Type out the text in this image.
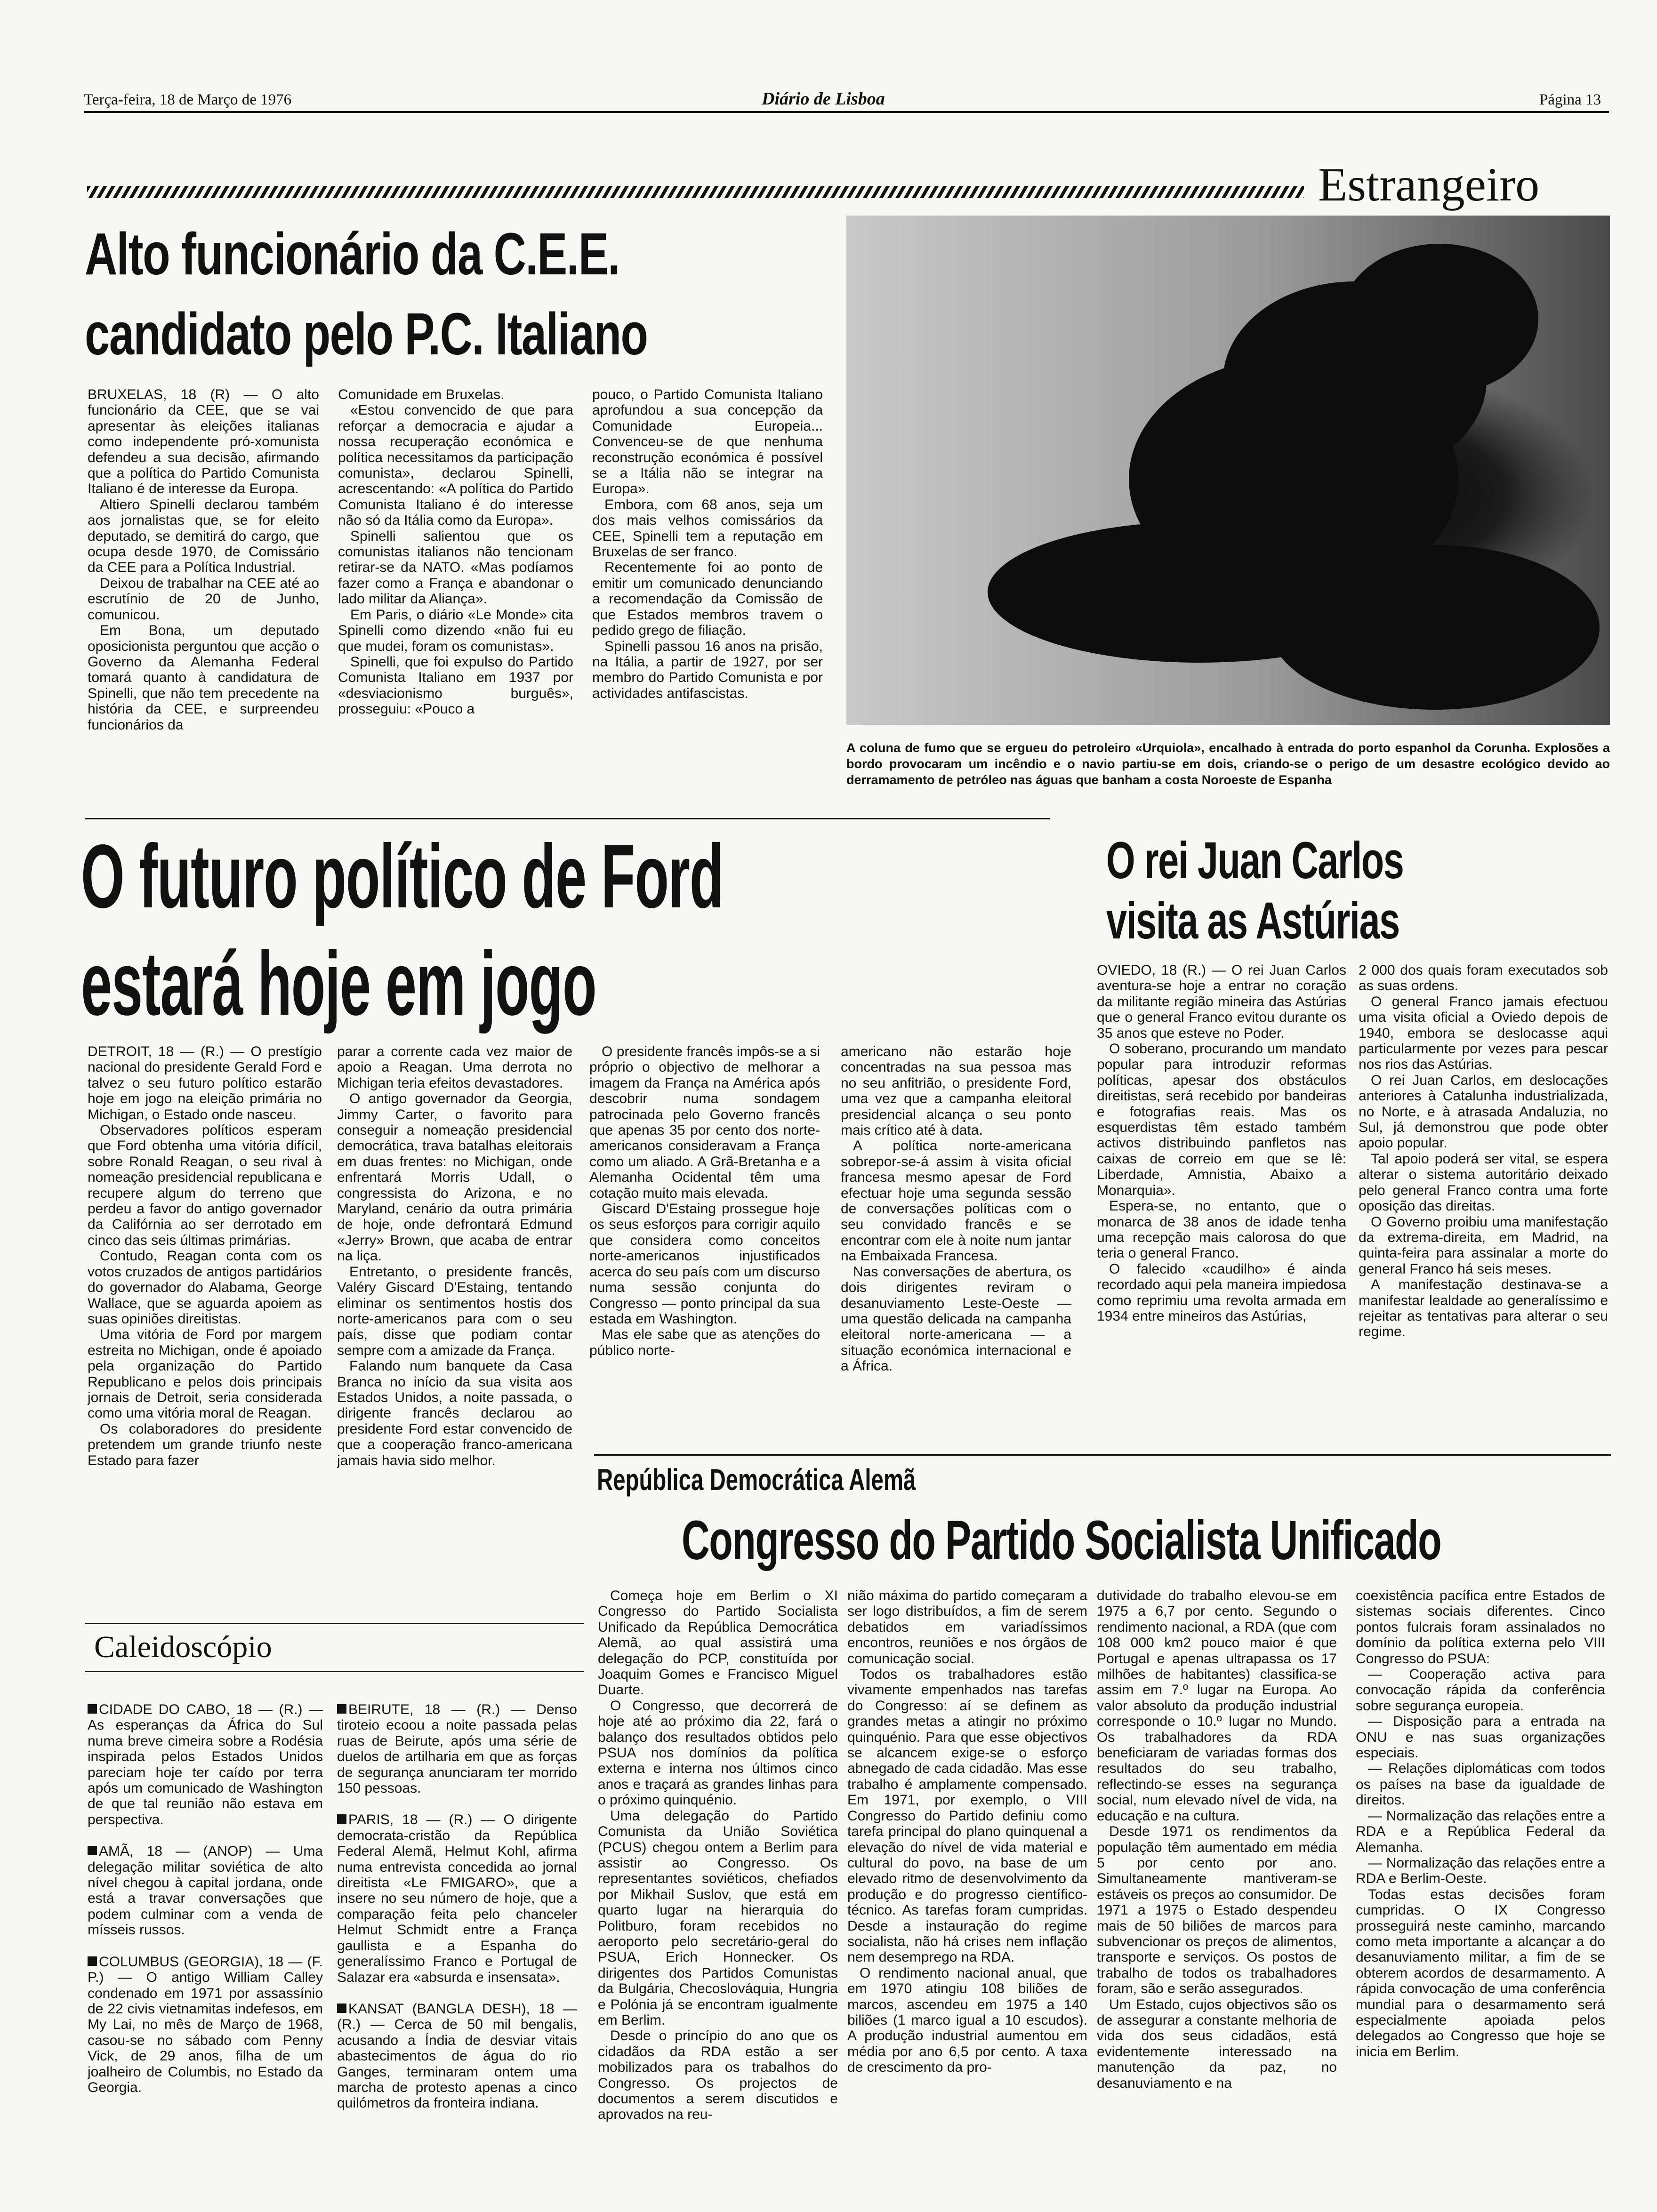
Terça-feira, 18 de Março de 1976	Diário de Lisboa	Página 13
Estrangeiro
Alto funcionário da C.E.E.
candidato pelo P.C. Italiano

BRUXELAS, 18 (R) — O alto funcionário da CEE, que se vai apresentar às eleições italianas como independente pró-xomunista defendeu a sua decisão, afirmando que a política do Partido Comunista Italiano é de interesse da Europa.

Altiero Spinelli declarou também aos jornalistas que, se for eleito deputado, se demitirá do cargo, que ocupa desde 1970, de Comissário da CEE para a Política Industrial.

Deixou de trabalhar na CEE até ao escrutínio de 20 de Junho, comunicou.

Em Bona, um deputado oposicionista perguntou que acção o Governo da Alemanha Federal tomará quanto à candidatura de Spinelli, que não tem precedente na história da CEE, e surpreendeu funcionários da

Comunidade em Bruxelas.

«Estou convencido de que para reforçar a democracia e ajudar a nossa recuperação económica e política necessitamos da participação comunista», declarou Spinelli, acrescentando: «A política do Partido Comunista Italiano é do interesse não só da Itália como da Europa».

Spinelli salientou que os comunistas italianos não tencionam retirar-se da NATO. «Mas podíamos fazer como a França e abandonar o lado militar da Aliança».

Em Paris, o diário «Le Monde» cita Spinelli como dizendo «não fui eu que mudei, foram os comunistas».

Spinelli, que foi expulso do Partido Comunista Italiano em 1937 por «desviacionismo burguês», prosseguiu: «Pouco a

pouco, o Partido Comunista Italiano aprofundou a sua concepção da Comunidade Europeia... Convenceu-se de que nenhuma reconstrução económica é possível se a Itália não se integrar na Europa».

Embora, com 68 anos, seja um dos mais velhos comissários da CEE, Spinelli tem a reputação em Bruxelas de ser franco.

Recentemente foi ao ponto de emitir um comunicado denunciando a recomendação da Comissão de que Estados membros travem o pedido grego de filiação.

Spinelli passou 16 anos na prisão, na Itália, a partir de 1927, por ser membro do Partido Comunista e por actividades antifascistas.

A coluna de fumo que se ergueu do petroleiro «Urquiola», encalhado à entrada do porto espanhol da Corunha. Explosões a bordo provocaram um incêndio e o navio partiu-se em dois, criando-se o perigo de um desastre ecológico devido ao derramamento de petróleo nas águas que banham a costa Noroeste de Espanha
O futuro político de Ford
estará hoje em jogo

DETROIT, 18 — (R.) — O prestígio nacional do presidente Gerald Ford e talvez o seu futuro político estarão hoje em jogo na eleição primária no Michigan, o Estado onde nasceu.

Observadores políticos esperam que Ford obtenha uma vitória difícil, sobre Ronald Reagan, o seu rival à nomeação presidencial republicana e recupere algum do terreno que perdeu a favor do antigo governador da Califórnia ao ser derrotado em cinco das seis últimas primárias.

Contudo, Reagan conta com os votos cruzados de antigos partidários do governador do Alabama, George Wallace, que se aguarda apoiem as suas opiniões direitistas.

Uma vitória de Ford por margem estreita no Michigan, onde é apoiado pela organização do Partido Republicano e pelos dois principais jornais de Detroit, seria considerada como uma vitória moral de Reagan.

Os colaboradores do presidente pretendem um grande triunfo neste Estado para fazer

parar a corrente cada vez maior de apoio a Reagan. Uma derrota no Michigan teria efeitos devastadores.

O antigo governador da Georgia, Jimmy Carter, o favorito para conseguir a nomeação presidencial democrática, trava batalhas eleitorais em duas frentes: no Michigan, onde enfrentará Morris Udall, o congressista do Arizona, e no Maryland, cenário da outra primária de hoje, onde defrontará Edmund «Jerry» Brown, que acaba de entrar na liça.

Entretanto, o presidente francês, Valéry Giscard D'Estaing, tentando eliminar os sentimentos hostis dos norte-americanos para com o seu país, disse que podiam contar sempre com a amizade da França.

Falando num banquete da Casa Branca no início da sua visita aos Estados Unidos, a noite passada, o dirigente francês declarou ao presidente Ford estar convencido de que a cooperação franco-americana jamais havia sido melhor.

O presidente francês impôs-se a si próprio o objectivo de melhorar a imagem da França na América após descobrir numa sondagem patrocinada pelo Governo francês que apenas 35 por cento dos norte-americanos consideravam a França como um aliado. A Grã-Bretanha e a Alemanha Ocidental têm uma cotação muito mais elevada.

Giscard D'Estaing prossegue hoje os seus esforços para corrigir aquilo que considera como conceitos norte-americanos injustificados acerca do seu país com um discurso numa sessão conjunta do Congresso — ponto principal da sua estada em Washington.

Mas ele sabe que as atenções do público norte-

americano não estarão hoje concentradas na sua pessoa mas no seu anfitrião, o presidente Ford, uma vez que a campanha eleitoral presidencial alcança o seu ponto mais crítico até à data.

A política norte-americana sobrepor-se-á assim à visita oficial francesa mesmo apesar de Ford efectuar hoje uma segunda sessão de conversações políticas com o seu convidado francês e se encontrar com ele à noite num jantar na Embaixada Francesa.

Nas conversações de abertura, os dois dirigentes reviram o desanuviamento Leste-Oeste — uma questão delicada na campanha eleitoral norte-americana — a situação económica internacional e a África.

O rei Juan Carlos
visita as Astúrias

OVIEDO, 18 (R.) — O rei Juan Carlos aventura-se hoje a entrar no coração da militante região mineira das Astúrias que o general Franco evitou durante os 35 anos que esteve no Poder.

O soberano, procurando um mandato popular para introduzir reformas políticas, apesar dos obstáculos direitistas, será recebido por bandeiras e fotografias reais. Mas os esquerdistas têm estado também activos distribuindo panfletos nas caixas de correio em que se lê: Liberdade, Amnistia, Abaixo a Monarquia».

Espera-se, no entanto, que o monarca de 38 anos de idade tenha uma recepção mais calorosa do que teria o general Franco.

O falecido «caudilho» é ainda recordado aqui pela maneira impiedosa como reprimiu uma revolta armada em 1934 entre mineiros das Astúrias,

2 000 dos quais foram executados sob as suas ordens.

O general Franco jamais efectuou uma visita oficial a Oviedo depois de 1940, embora se deslocasse aqui particularmente por vezes para pescar nos rios das Astúrias.

O rei Juan Carlos, em deslocações anteriores à Catalunha industrializada, no Norte, e à atrasada Andaluzia, no Sul, já demonstrou que pode obter apoio popular.

Tal apoio poderá ser vital, se espera alterar o sistema autoritário deixado pelo general Franco contra uma forte oposição das direitas.

O Governo proibiu uma manifestação da extrema-direita, em Madrid, na quinta-feira para assinalar a morte do general Franco há seis meses.

A manifestação destinava-se a manifestar lealdade ao generalíssimo e rejeitar as tentativas para alterar o seu regime.

República Democrática Alemã
Congresso do Partido Socialista Unificado

Começa hoje em Berlim o XI Congresso do Partido Socialista Unificado da República Democrática Alemã, ao qual assistirá uma delegação do PCP, constituída por Joaquim Gomes e Francisco Miguel Duarte.

O Congresso, que decorrerá de hoje até ao próximo dia 22, fará o balanço dos resultados obtidos pelo PSUA nos domínios da política externa e interna nos últimos cinco anos e traçará as grandes linhas para o próximo quinquénio.

Uma delegação do Partido Comunista da União Soviética (PCUS) chegou ontem a Berlim para assistir ao Congresso. Os representantes soviéticos, chefiados por Mikhail Suslov, que está em quarto lugar na hierarquia do Politburo, foram recebidos no aeroporto pelo secretário-geral do PSUA, Erich Honnecker. Os dirigentes dos Partidos Comunistas da Bulgária, Checoslováquia, Hungria e Polónia já se encontram igualmente em Berlim.

Desde o princípio do ano que os cidadãos da RDA estão a ser mobilizados para os trabalhos do Congresso. Os projectos de documentos a serem discutidos e aprovados na reu-

nião máxima do partido começaram a ser logo distribuídos, a fim de serem debatidos em variadíssimos encontros, reuniões e nos órgãos de comunicação social.

Todos os trabalhadores estão vivamente empenhados nas tarefas do Congresso: aí se definem as grandes metas a atingir no próximo quinquénio. Para que esse objectivos se alcancem exige-se o esforço abnegado de cada cidadão. Mas esse trabalho é amplamente compensado. Em 1971, por exemplo, o VIII Congresso do Partido definiu como tarefa principal do plano quinquenal a elevação do nível de vida material e cultural do povo, na base de um elevado ritmo de desenvolvimento da produção e do progresso científico-técnico. As tarefas foram cumpridas. Desde a instauração do regime socialista, não há crises nem inflação nem desemprego na RDA.

O rendimento nacional anual, que em 1970 atingiu 108 biliões de marcos, ascendeu em 1975 a 140 biliões (1 marco igual a 10 escudos). A produção industrial aumentou em média por ano 6,5 por cento. A taxa de crescimento da pro-

dutividade do trabalho elevou-se em 1975 a 6,7 por cento. Segundo o rendimento nacional, a RDA (que com 108 000 km2 pouco maior é que Portugal e apenas ultrapassa os 17 milhões de habitantes) classifica-se assim em 7.º lugar na Europa. Ao valor absoluto da produção industrial corresponde o 10.º lugar no Mundo. Os trabalhadores da RDA beneficiaram de variadas formas dos resultados do seu trabalho, reflectindo-se esses na segurança social, num elevado nível de vida, na educação e na cultura.

Desde 1971 os rendimentos da população têm aumentado em média 5 por cento por ano. Simultaneamente mantiveram-se estáveis os preços ao consumidor. De 1971 a 1975 o Estado despendeu mais de 50 biliões de marcos para subvencionar os preços de alimentos, transporte e serviços. Os postos de trabalho de todos os trabalhadores foram, são e serão assegurados.

Um Estado, cujos objectivos são os de assegurar a constante melhoria de vida dos seus cidadãos, está evidentemente interessado na manutenção da paz, no desanuviamento e na

coexistência pacífica entre Estados de sistemas sociais diferentes. Cinco pontos fulcrais foram assinalados no domínio da política externa pelo VIII Congresso do PSUA:

— Cooperação activa para convocação rápida da conferência sobre segurança europeia.

— Disposição para a entrada na ONU e nas suas organizações especiais.

— Relações diplomáticas com todos os países na base da igualdade de direitos.

— Normalização das relações entre a RDA e a República Federal da Alemanha.

— Normalização das relações entre a RDA e Berlim-Oeste.

Todas estas decisões foram cumpridas. O IX Congresso prosseguirá neste caminho, marcando como meta importante a alcançar a do desanuviamento militar, a fim de se obterem acordos de desarmamento. A rápida convocação de uma conferência mundial para o desarmamento será especialmente apoiada pelos delegados ao Congresso que hoje se inicia em Berlim.

Caleidoscópio

CIDADE DO CABO, 18 — (R.) — As esperanças da África do Sul numa breve cimeira sobre a Rodésia inspirada pelos Estados Unidos pareciam hoje ter caído por terra após um comunicado de Washington de que tal reunião não estava em perspectiva.

AMÃ, 18 — (ANOP) — Uma delegação militar soviética de alto nível chegou à capital jordana, onde está a travar conversações que podem culminar com a venda de mísseis russos.

COLUMBUS (GEORGIA), 18 — (F. P.) — O antigo William Calley condenado em 1971 por assassínio de 22 civis vietnamitas indefesos, em My Lai, no mês de Março de 1968, casou-se no sábado com Penny Vick, de 29 anos, filha de um joalheiro de Columbis, no Estado da Georgia.

BEIRUTE, 18 — (R.) — Denso tiroteio ecoou a noite passada pelas ruas de Beirute, após uma série de duelos de artilharia em que as forças de segurança anunciaram ter morrido 150 pessoas.

PARIS, 18 — (R.) — O dirigente democrata-cristão da República Federal Alemã, Helmut Kohl, afirma numa entrevista concedida ao jornal direitista «Le FMIGARO», que a insere no seu número de hoje, que a comparação feita pelo chanceler Helmut Schmidt entre a França gaullista e a Espanha do generalíssimo Franco e Portugal de Salazar era «absurda e insensata».

KANSAT (BANGLA DESH), 18 — (R.) — Cerca de 50 mil bengalis, acusando a Índia de desviar vitais abastecimentos de água do rio Ganges, terminaram ontem uma marcha de protesto apenas a cinco quilómetros da fronteira indiana.
